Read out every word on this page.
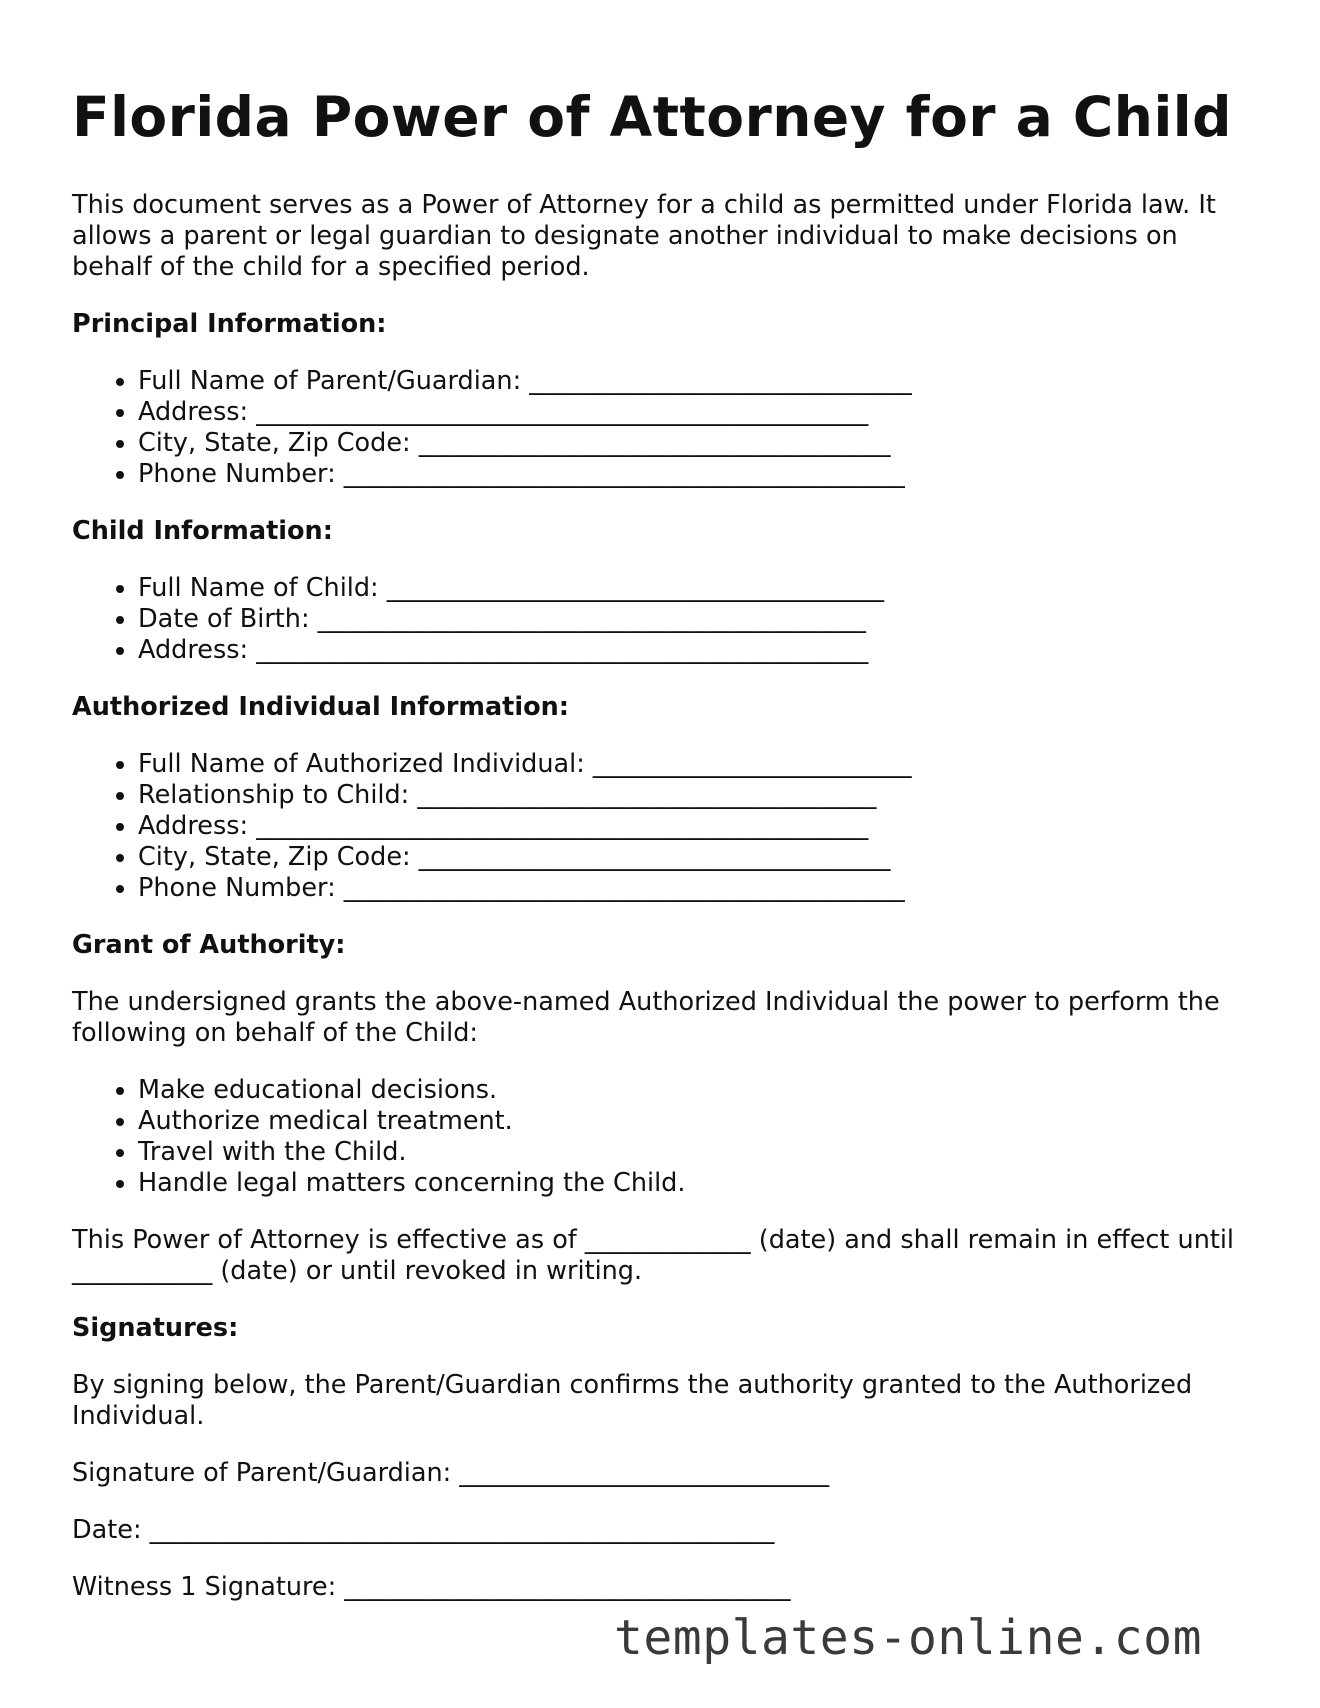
Florida Power of Attorney for a Child

This document serves as a Power of Attorney for a child as permitted under Florida law. It allows a parent or legal guardian to designate another individual to make decisions on behalf of the child for a specified period.

Principal Information:

• Full Name of Parent/Guardian: ______________________________
• Address: ________________________________________________
• City, State, Zip Code: _____________________________________
• Phone Number: ____________________________________________

Child Information:

• Full Name of Child: _______________________________________
• Date of Birth: ___________________________________________
• Address: ________________________________________________

Authorized Individual Information:

• Full Name of Authorized Individual: _________________________
• Relationship to Child: ____________________________________
• Address: ________________________________________________
• City, State, Zip Code: _____________________________________
• Phone Number: ____________________________________________

Grant of Authority:

The undersigned grants the above-named Authorized Individual the power to perform the following on behalf of the Child:

• Make educational decisions.
• Authorize medical treatment.
• Travel with the Child.
• Handle legal matters concerning the Child.

This Power of Attorney is effective as of _____________ (date) and shall remain in effect until ___________ (date) or until revoked in writing.

Signatures:

By signing below, the Parent/Guardian confirms the authority granted to the Authorized Individual.

Signature of Parent/Guardian: _____________________________

Date: _________________________________________________

Witness 1 Signature: ___________________________________

templates-online.com
